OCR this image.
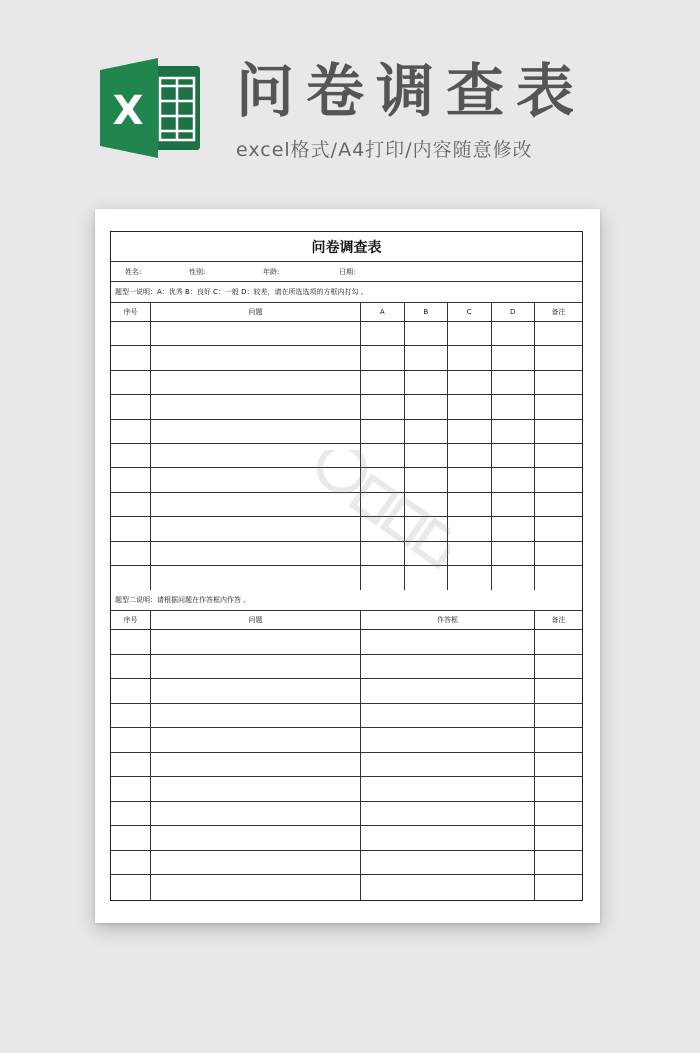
X 问卷调查表
excel格式/A4打印/内容随意修改
问卷调查表
姓名:	性别:	年龄:	日期:
题型一说明：A：优秀 B：良好 C：一般 D：较差，请在所选选项的方框内打勾 。
序号	问题	A	B	C	D	备注
题型二说明：请根据问题在作答框内作答 。
序号	问题	作答框	备注
